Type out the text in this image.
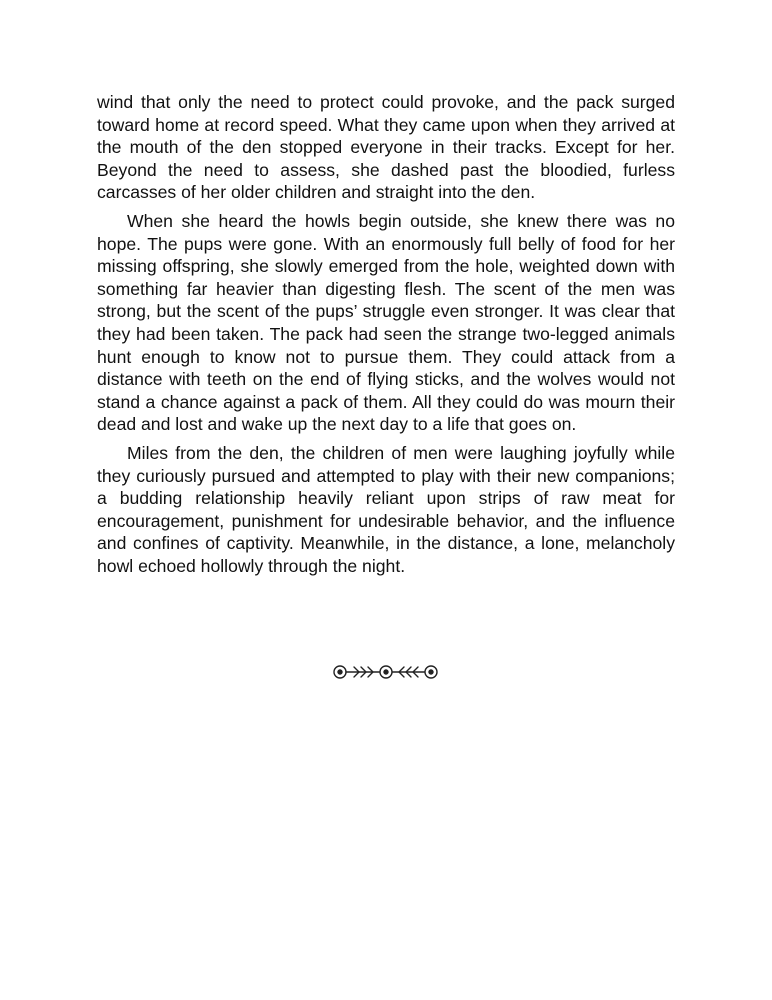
wind that only the need to protect could provoke, and the pack surged toward home at record speed. What they came upon when they arrived at the mouth of the den stopped everyone in their tracks. Except for her. Beyond the need to assess, she dashed past the bloodied, furless carcasses of her older children and straight into the den.

When she heard the howls begin outside, she knew there was no hope. The pups were gone. With an enormously full belly of food for her missing offspring, she slowly emerged from the hole, weighted down with something far heavier than digesting flesh. The scent of the men was strong, but the scent of the pups’ struggle even stronger. It was clear that they had been taken. The pack had seen the strange two-legged animals hunt enough to know not to pursue them. They could attack from a distance with teeth on the end of flying sticks, and the wolves would not stand a chance against a pack of them. All they could do was mourn their dead and lost and wake up the next day to a life that goes on.

Miles from the den, the children of men were laughing joyfully while they curiously pursued and attempted to play with their new companions; a budding relationship heavily reliant upon strips of raw meat for encouragement, punishment for undesirable behavior, and the influence and confines of captivity. Meanwhile, in the distance, a lone, melancholy howl echoed hollowly through the night.
